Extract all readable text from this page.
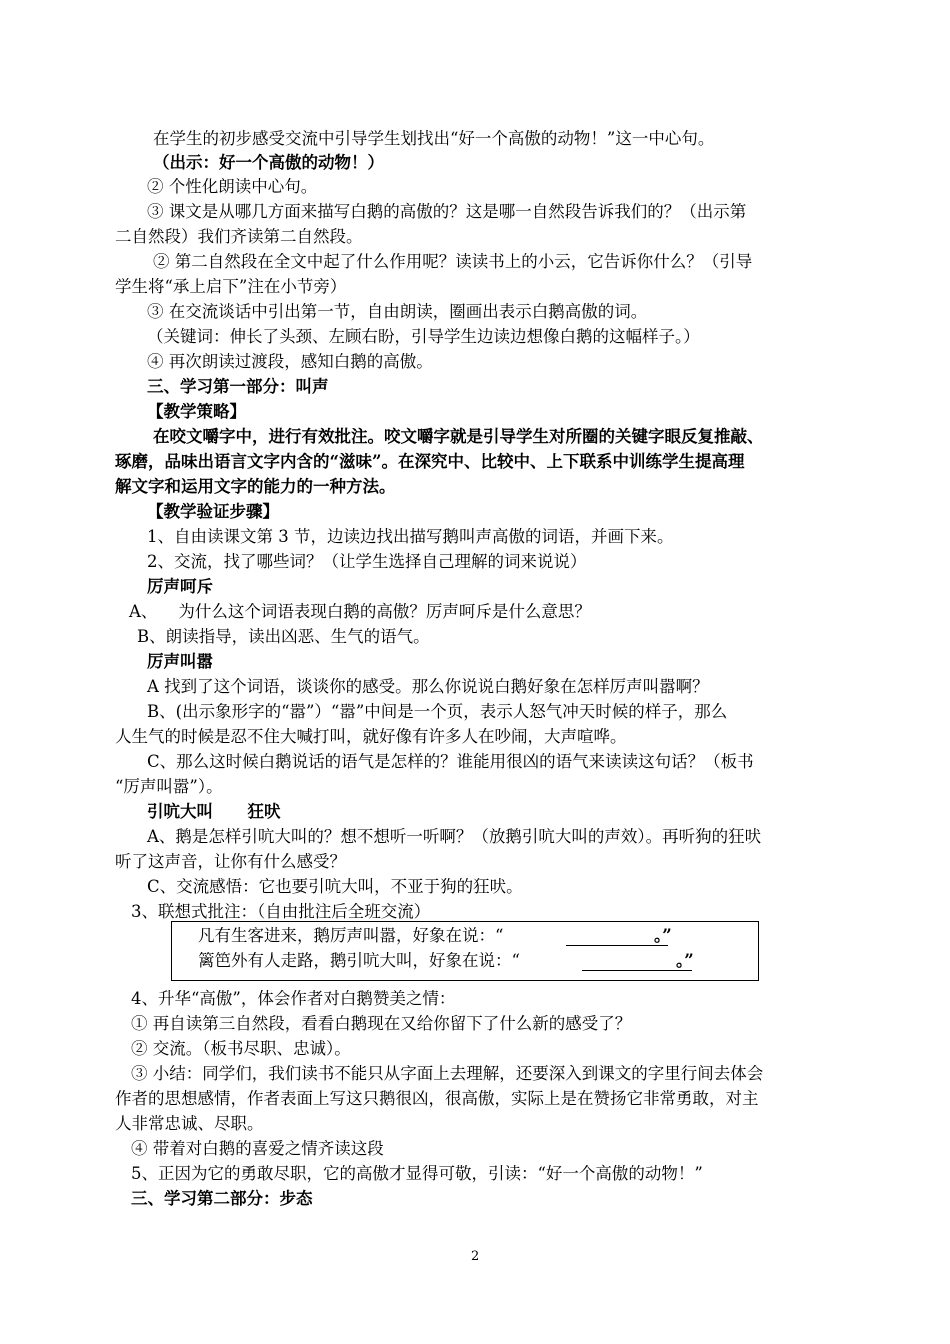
在学生的初步感受交流中引导学生划找出“好一个高傲的动物！”这一中心句。
（出示：好一个高傲的动物！）
② 个性化朗读中心句。
③ 课文是从哪几方面来描写白鹅的高傲的？这是哪一自然段告诉我们的？（出示第
二自然段）我们齐读第二自然段。
② 第二自然段在全文中起了什么作用呢？读读书上的小云，它告诉你什么？（引导
学生将“承上启下”注在小节旁）
③ 在交流谈话中引出第一节，自由朗读，圈画出表示白鹅高傲的词。
（关键词：伸长了头颈、左顾右盼，引导学生边读边想像白鹅的这幅样子。）
④ 再次朗读过渡段，感知白鹅的高傲。
三、学习第一部分：叫声
【教学策略】
在咬文嚼字中，进行有效批注。咬文嚼字就是引导学生对所圈的关键字眼反复推敲、
琢磨，品味出语言文字内含的“滋味”。在深究中、比较中、上下联系中训练学生提高理
解文字和运用文字的能力的一种方法。
【教学验证步骤】
1、自由读课文第 3 节，边读边找出描写鹅叫声高傲的词语，并画下来。
2、交流，找了哪些词？（让学生选择自己理解的词来说说）
厉声呵斥
A、    为什么这个词语表现白鹅的高傲？厉声呵斥是什么意思？
B、朗读指导，读出凶恶、生气的语气。
厉声叫嚣
A 找到了这个词语，谈谈你的感受。那么你说说白鹅好象在怎样厉声叫嚣啊？
B、(出示象形字的“嚣”）“嚣”中间是一个页，表示人怒气冲天时候的样子，那么
人生气的时候是忍不住大喊打叫，就好像有许多人在吵闹，大声喧哗。
C、那么这时候白鹅说话的语气是怎样的？谁能用很凶的语气来读读这句话？（板书
“厉声叫嚣”）。
引吭大叫      狂吠
A、鹅是怎样引吭大叫的？想不想听一听啊？（放鹅引吭大叫的声效）。再听狗的狂吠
听了这声音，让你有什么感受？
C、交流感悟：它也要引吭大叫，不亚于狗的狂吠。
3、联想式批注：（自由批注后全班交流）
凡有生客进来，鹅厉声叫嚣，好象在说：“	。”
篱笆外有人走路，鹅引吭大叫，好象在说：“	。”
4、升华“高傲”，体会作者对白鹅赞美之情：
① 再自读第三自然段，看看白鹅现在又给你留下了什么新的感受了？
② 交流。（板书尽职、忠诚）。
③ 小结：同学们，我们读书不能只从字面上去理解，还要深入到课文的字里行间去体会
作者的思想感情，作者表面上写这只鹅很凶，很高傲，实际上是在赞扬它非常勇敢，对主
人非常忠诚、尽职。
④ 带着对白鹅的喜爱之情齐读这段
5、正因为它的勇敢尽职，它的高傲才显得可敬，引读：“好一个高傲的动物！”
三、学习第二部分：步态
2
